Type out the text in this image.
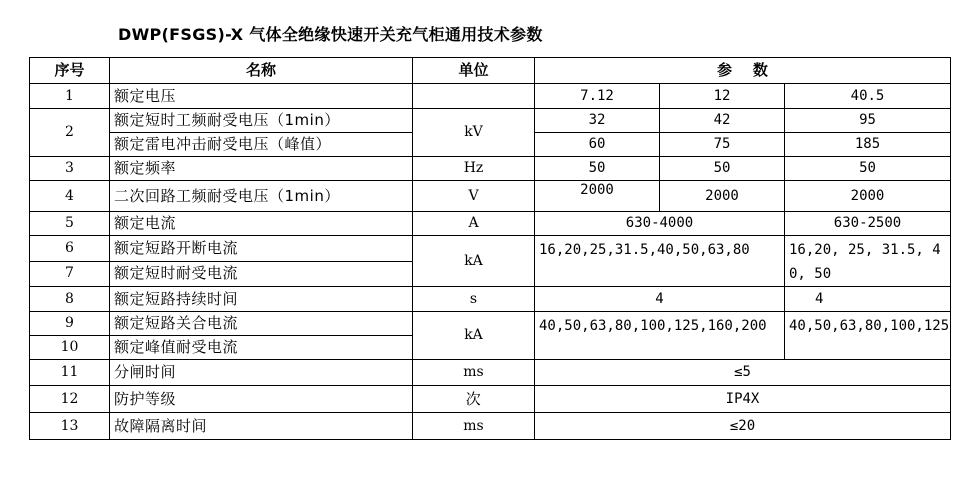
DWP(FSGS)-X 气体全绝缘快速开关充气柜通用技术参数
序号	名称	单位	参    数		
1	额定电压		7.12	12	40.5
2	额定短时工频耐受电压（1min）	kV	32	42	95
	额定雷电冲击耐受电压（峰值）		60	75	185
3	额定频率	Hz	50	50	50
4	二次回路工频耐受电压（1min）	V	2000	2000	2000
5	额定电流	A	630-4000		630-2500
6	额定短路开断电流	kA	16,20,25,31.5,40,50,63,80		16,20, 25, 31.5, 40, 50
7	额定短时耐受电流				
8	额定短路持续时间	s	4		4
9	额定短路关合电流	kA	40,50,63,80,100,125,160,200		40,50,63,80,100,125
10	额定峰值耐受电流				
11	分闸时间	ms	≤5		
12	防护等级	次	IP4X		
13	故障隔离时间	ms	≤20		
